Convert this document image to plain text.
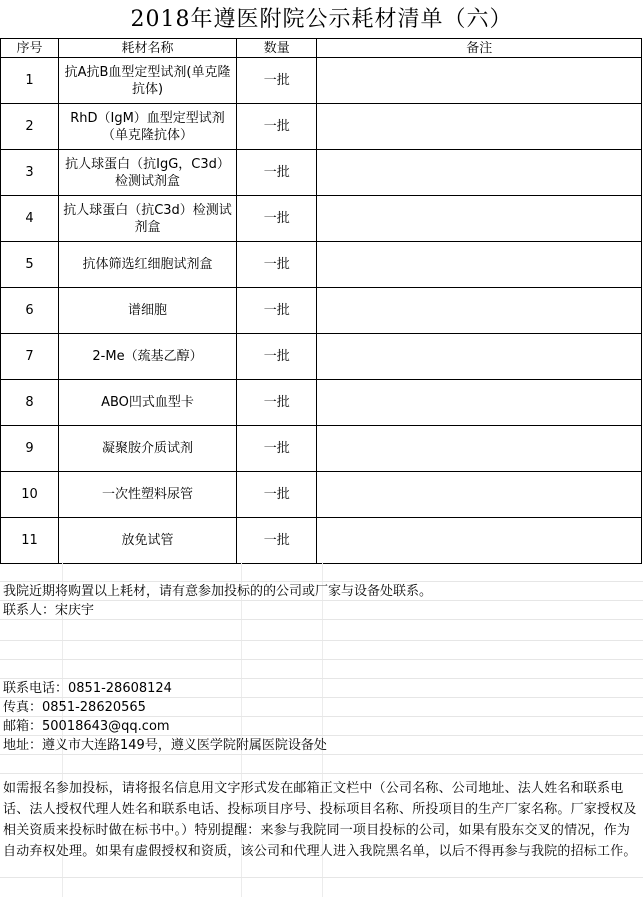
2018年遵医附院公示耗材清单（六）
序号	耗材名称	数量	备注
1	抗A抗B血型定型试剂(单克隆抗体)	一批	
2	RhD（IgM）血型定型试剂（单克隆抗体）	一批	
3	抗人球蛋白（抗IgG，C3d）检测试剂盒	一批	
4	抗人球蛋白（抗C3d）检测试剂盒	一批	
5	抗体筛选红细胞试剂盒	一批	
6	谱细胞	一批	
7	2-Me（巯基乙醇）	一批	
8	ABO凹式血型卡	一批	
9	凝聚胺介质试剂	一批	
10	一次性塑料尿管	一批	
11	放免试管	一批	
我院近期将购置以上耗材，请有意参加投标的的公司或厂家与设备处联系。
联系人：宋庆宇
联系电话：0851-28608124
传真：0851-28620565
邮箱：50018643@qq.com
地址：遵义市大连路149号，遵义医学院附属医院设备处
如需报名参加投标，请将报名信息用文字形式发在邮箱正文栏中（公司名称、公司地址、法人姓名和联系电话、法人授权代理人姓名和联系电话、投标项目序号、投标项目名称、所投项目的生产厂家名称。厂家授权及相关资质来投标时做在标书中。）特别提醒：来参与我院同一项目投标的公司，如果有股东交叉的情况，作为自动弃权处理。如果有虚假授权和资质，该公司和代理人进入我院黑名单，以后不得再参与我院的招标工作。
